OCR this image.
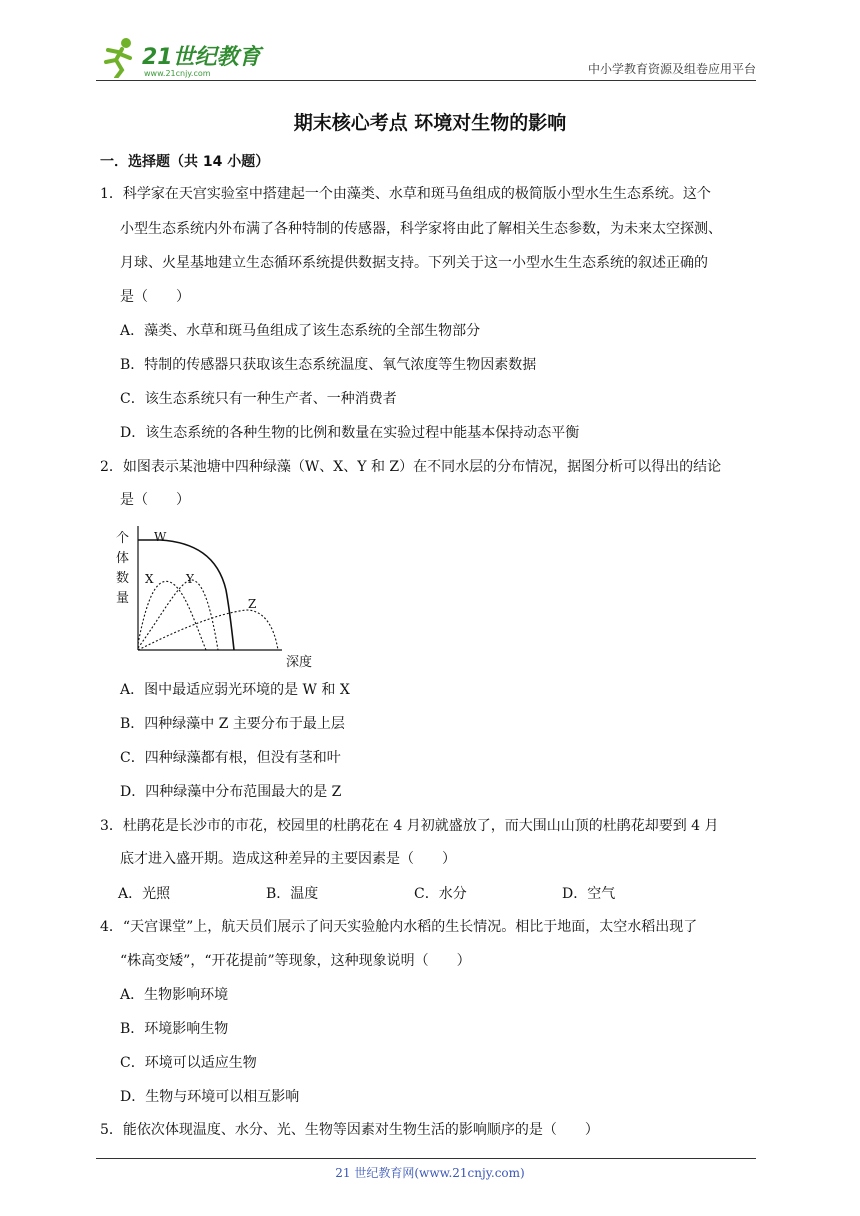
21世纪教育
www.21cnjy.com	中小学教育资源及组卷应用平台
期末核心考点 环境对生物的影响
一．选择题（共 14 小题）
1．科学家在天宫实验室中搭建起一个由藻类、水草和斑马鱼组成的极简版小型水生生态系统。这个
小型生态系统内外布满了各种特制的传感器，科学家将由此了解相关生态参数，为未来太空探测、
月球、火星基地建立生态循环系统提供数据支持。下列关于这一小型水生生态系统的叙述正确的
是（　　）
A．藻类、水草和斑马鱼组成了该生态系统的全部生物部分
B．特制的传感器只获取该生态系统温度、氧气浓度等生物因素数据
C．该生态系统只有一种生产者、一种消费者
D．该生态系统的各种生物的比例和数量在实验过程中能基本保持动态平衡
2．如图表示某池塘中四种绿藻（W、X、Y 和 Z）在不同水层的分布情况，据图分析可以得出的结论
是（　　）
个
体
数
量
深度
W
X	Y
Z
A．图中最适应弱光环境的是 W 和 X
B．四种绿藻中 Z 主要分布于最上层
C．四种绿藻都有根，但没有茎和叶
D．四种绿藻中分布范围最大的是 Z
3．杜鹃花是长沙市的市花，校园里的杜鹃花在 4 月初就盛放了，而大围山山顶的杜鹃花却要到 4 月
底才进入盛开期。造成这种差异的主要因素是（　　）
A．光照	B．温度	C．水分	D．空气
4．“天宫课堂”上，航天员们展示了问天实验舱内水稻的生长情况。相比于地面，太空水稻出现了
“株高变矮”，“开花提前”等现象，这种现象说明（　　）
A．生物影响环境
B．环境影响生物
C．环境可以适应生物
D．生物与环境可以相互影响
5．能依次体现温度、水分、光、生物等因素对生物生活的影响顺序的是（　　）
21 世纪教育网(www.21cnjy.com)
